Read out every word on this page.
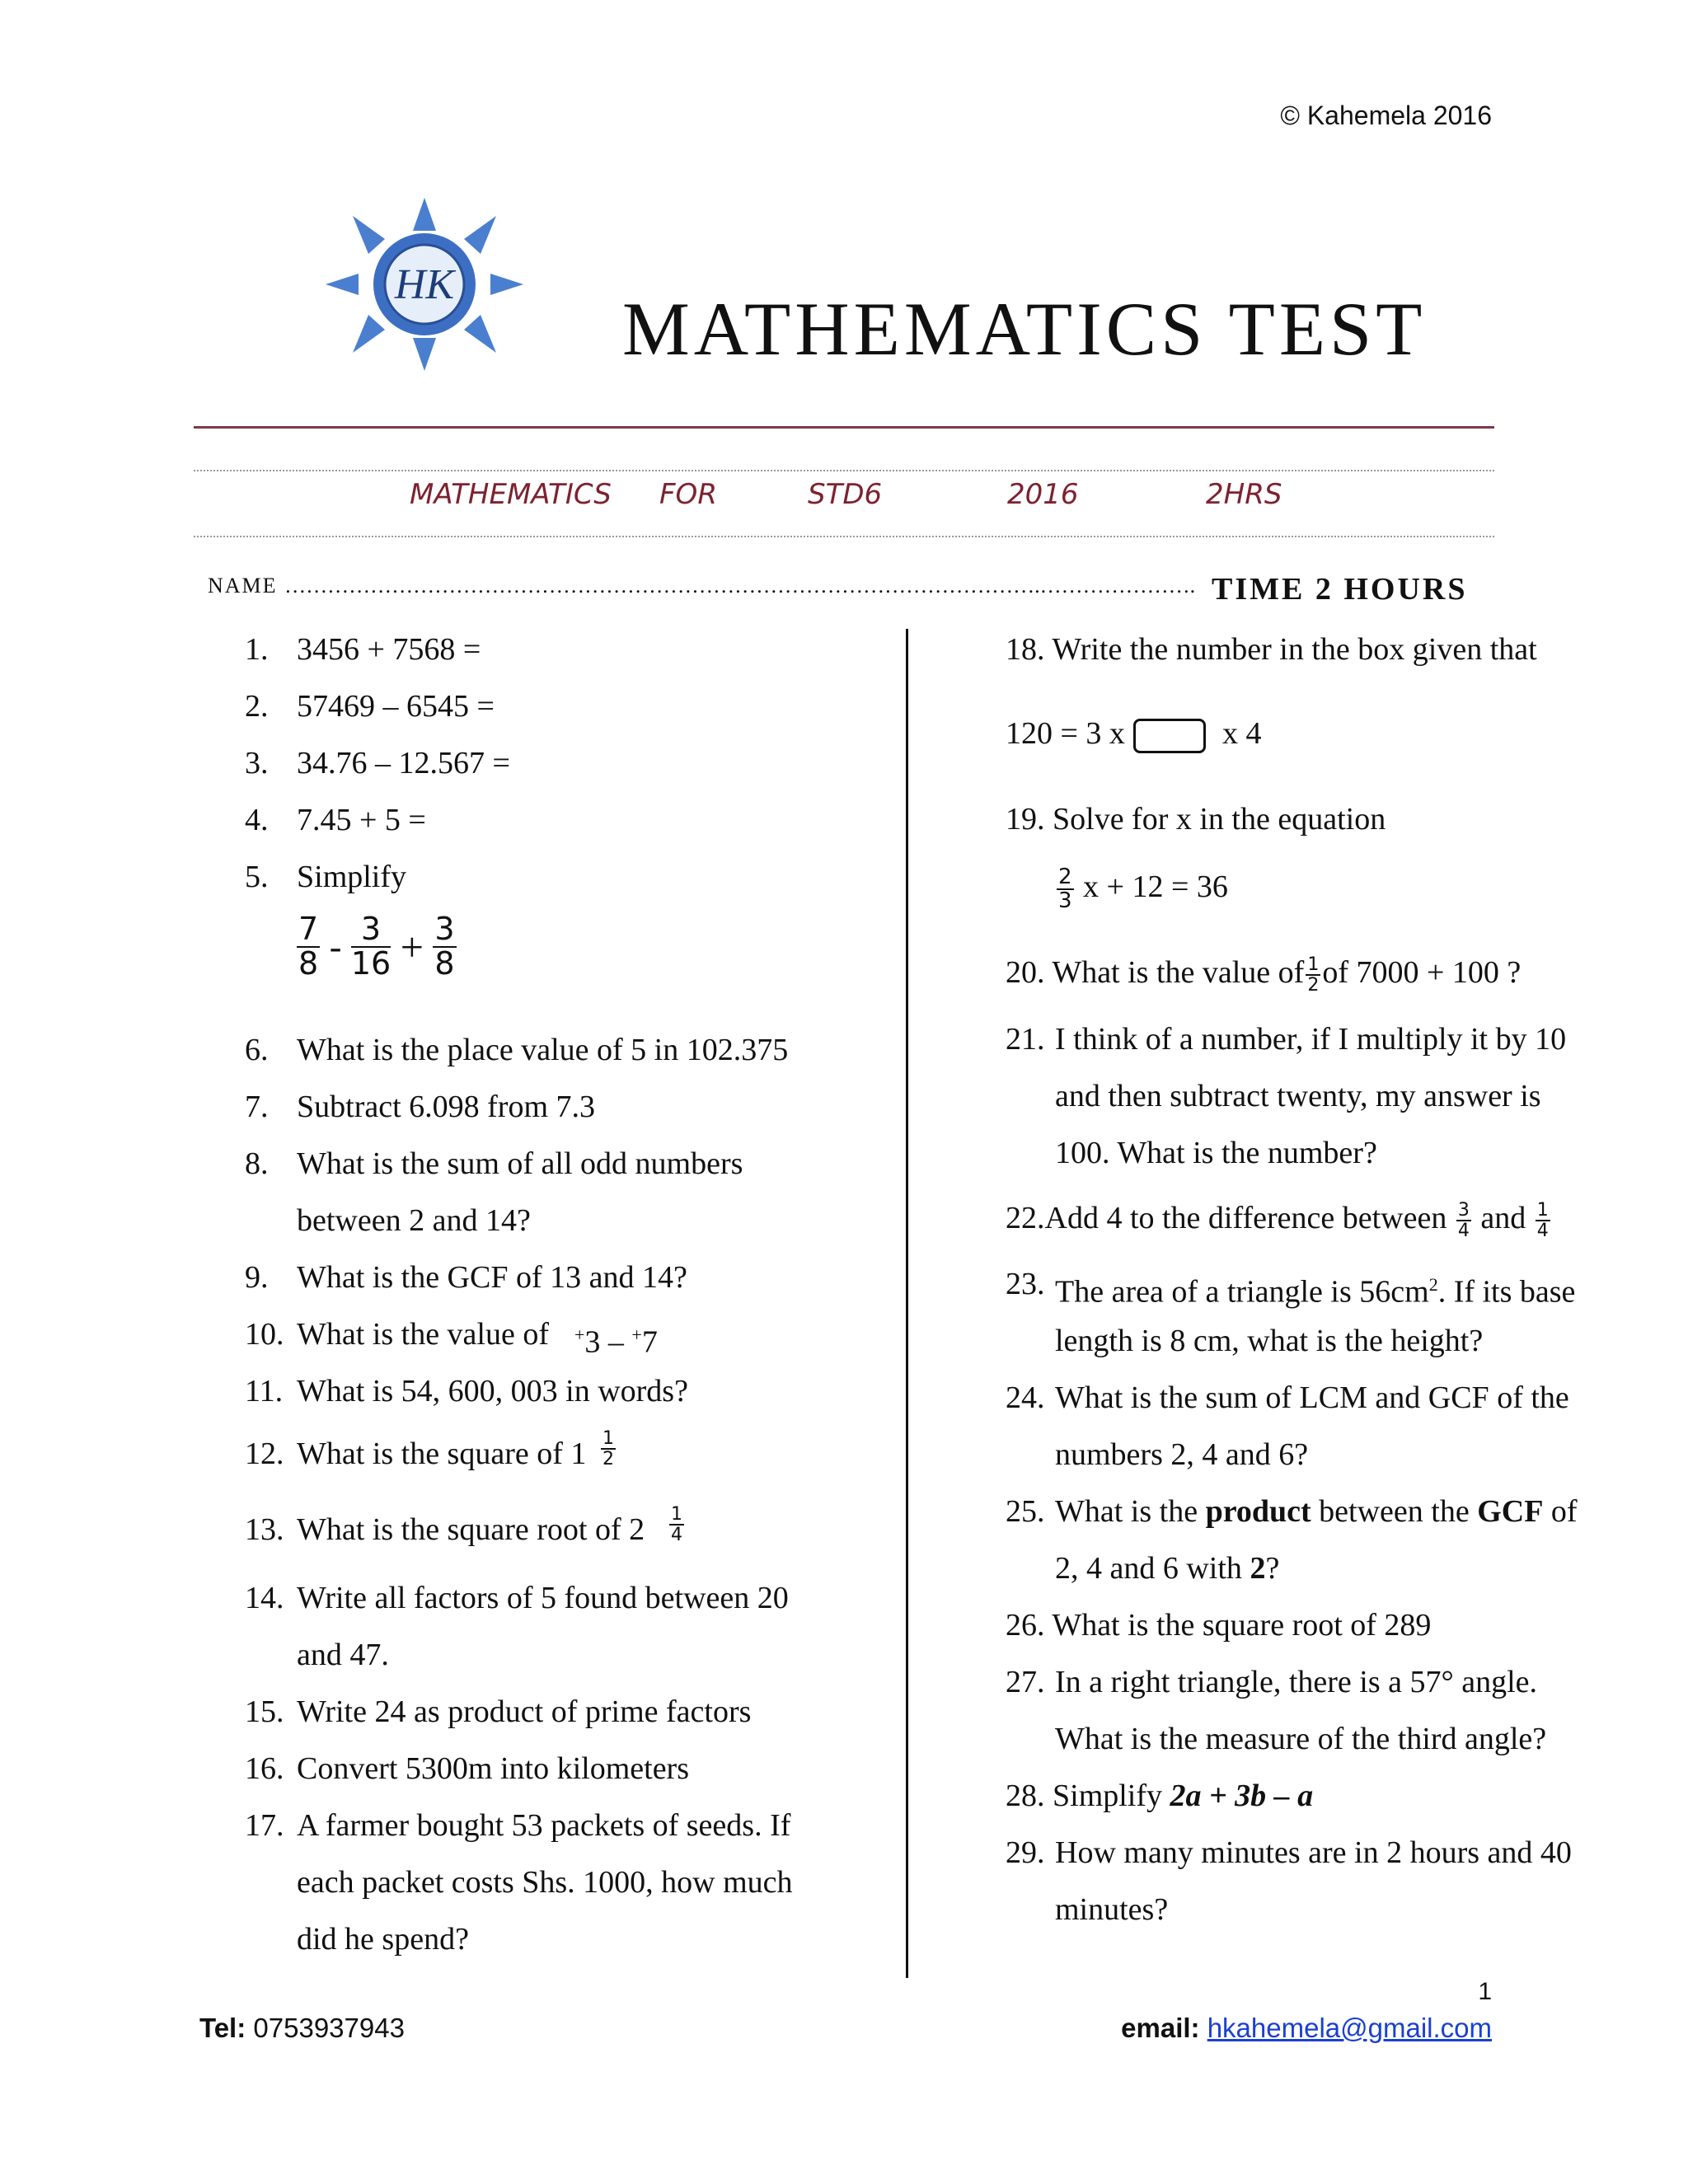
© Kahemela 2016
HK
MATHEMATICS TEST
MATHEMATICS FOR	STD6	2016	2HRS
NAME …………………………………………………………………………………………….…………………. TIME 2 HOURS
1. 3456 + 7568 =
2. 57469 – 6545 =
3. 34.76 – 12.567 =
4. 7.45 + 5 =
5. Simplify
6. What is the place value of 5 in 102.375
7. Subtract 6.098 from 7.3
8. What is the sum of all odd numbers
between 2 and 14?
9. What is the GCF of 13 and 14?
10. What is the value of +3 – +7
11. What is 54, 600, 003 in words?
12. What is the square of $1 \frac{1}{2}$
13. What is the square root of $2 \frac{1}{4}$
14. Write all factors of 5 found between 20
and 47.
15. Write 24 as product of prime factors
16. Convert 5300m into kilometers
17. A farmer bought 53 packets of seeds. If
each packet costs Shs. 1000, how much
did he spend?
$\frac{7}{8} - \frac{3}{16} + \frac{3}{8}$
18. Write the number in the box given that
120 = 3 x	x 4
19. Solve for x in the equation
$\frac{2}{3}$ x + 12 = 36
20. What is the value of $\frac{1}{2}$ of 7000 + 100 ?
21. I think of a number, if I multiply it by 10
and then subtract twenty, my answer is
100. What is the number?
22.Add 4 to the difference between $\frac{3}{4}$ and $\frac{1}{4}$
23. The area of a triangle is $56cm^2$. If its base
length is 8 cm, what is the height?
24. What is the sum of LCM and GCF of the
numbers 2, 4 and 6?
25. What is the product between the GCF of
2, 4 and 6 with 2?
26. What is the square root of 289
27. In a right triangle, there is a 57° angle.
What is the measure of the third angle?
28. Simplify 2a + 3b – a
29. How many minutes are in 2 hours and 40
minutes?
1
Tel: 0753937943	email: hkahemela@gmail.com
